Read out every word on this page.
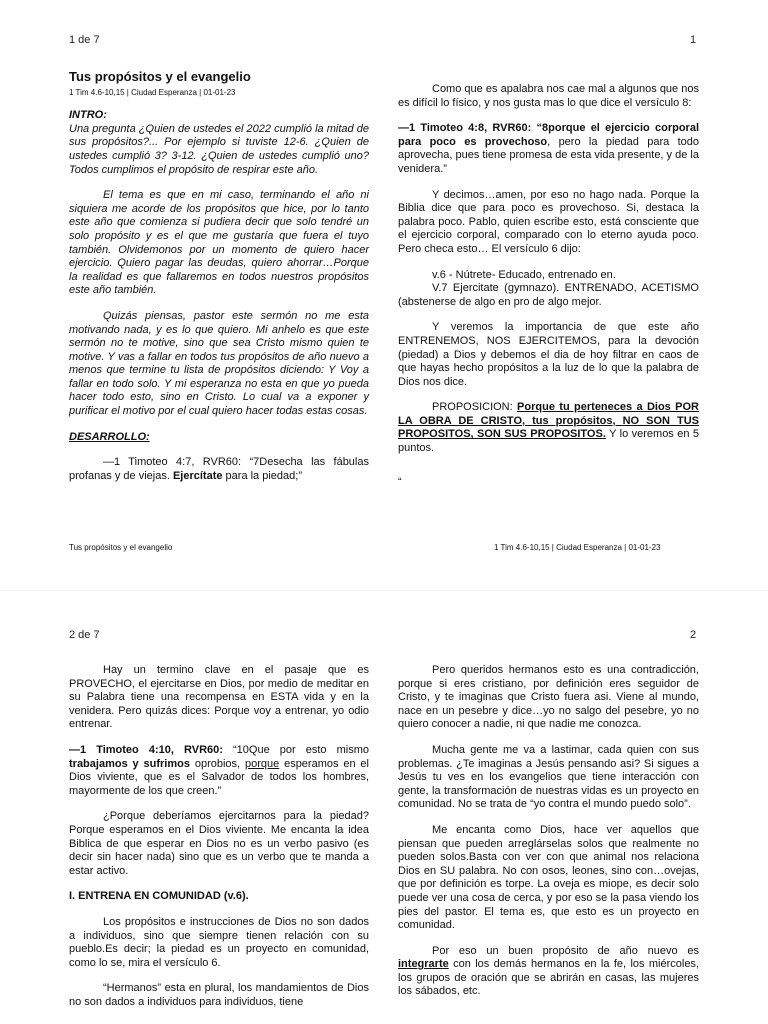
1 de 7	1
Tus propósitos y el evangelio
1 Tim 4.6-10,15 | Ciudad Esperanza | 01-01-23

INTRO:

Una pregunta ¿Quien de ustedes el 2022 cumplió la mitad de sus propósitos?... Por ejemplo si tuviste 12-6. ¿Quien de ustedes cumplió 3? 3-12. ¿Quien de ustedes cumplió uno? Todos cumplimos el propósito de respirar este año.

El tema es que en mi caso, terminando el año ni siquiera me acorde de los propósitos que hice, por lo tanto este año que comienza si pudiera decir que solo tendré un solo propósito y es el que me gustaría que fuera el tuyo también. Olvidemonos por un momento de quiero hacer ejercicio. Quiero pagar las deudas, quiero ahorrar…Porque la realidad es que fallaremos en todos nuestros propósitos este año también.

Quizás piensas, pastor este sermón no me esta motivando nada, y es lo que quiero. Mi anhelo es que este sermón no te motive, sino que sea Cristo mismo quien te motive. Y vas a fallar en todos tus propósitos de año nuevo a menos que termine tu lista de propósitos diciendo: Y Voy a fallar en todo solo. Y mi esperanza no esta en que yo pueda hacer todo esto, sino en Cristo. Lo cual va a exponer y purificar el motivo por el cual quiero hacer todas estas cosas.

DESARROLLO:

—1 Timoteo 4:7, RVR60: “7Desecha las fábulas profanas y de viejas. Ejercítate para la piedad;”

Como que es apalabra nos cae mal a algunos que nos es difícil lo físico, y nos gusta mas lo que dice el versículo 8:

—1 Timoteo 4:8, RVR60: “8porque el ejercicio corporal para poco es provechoso, pero la piedad para todo aprovecha, pues tiene promesa de esta vida presente, y de la venidera.”

Y decimos…amen, por eso no hago nada. Porque la Biblia dice que para poco es provechoso. Si, destaca la palabra poco. Pablo, quien escribe esto, está consciente que el ejercicio corporal, comparado con lo eterno ayuda poco. Pero checa esto… El versículo 6 dijo:

v.6 - Nútrete- Educado, entrenado en.

V.7 Ejercitate (gymnazo). ENTRENADO, ACETISMO (abstenerse de algo en pro de algo mejor.

Y veremos la importancia de que este año ENTRENEMOS, NOS EJERCITEMOS, para la devoción (piedad) a Dios y debemos el dia de hoy filtrar en caos de que hayas hecho propósitos a la luz de lo que la palabra de Dios nos dice.

PROPOSICION: Porque tu perteneces a Dios POR LA OBRA DE CRISTO, tus propósitos, NO SON TUS PROPOSITOS, SON SUS PROPOSITOS. Y lo veremos en 5 puntos.

“

Tus propósitos y el evangelio	1 Tim 4.6-10,15 | Ciudad Esperanza | 01-01-23
2 de 7	2

Hay un termino clave en el pasaje que es PROVECHO, el ejercitarse en Dios, por medio de meditar en su Palabra tiene una recompensa en ESTA vida y en la venidera. Pero quizás dices: Porque voy a entrenar, yo odio entrenar.

—1 Timoteo 4:10, RVR60: “10Que por esto mismo trabajamos y sufrimos oprobios, porque esperamos en el Dios viviente, que es el Salvador de todos los hombres, mayormente de los que creen.”

¿Porque deberíamos ejercitarnos para la piedad? Porque esperamos en el Dios viviente. Me encanta la idea Biblica de que esperar en Dios no es un verbo pasivo (es decir sin hacer nada) sino que es un verbo que te manda a estar activo.

I. ENTRENA EN COMUNIDAD (v.6).

Los propósitos e instrucciones de Dios no son dados a individuos, sino que siempre tienen relación con su pueblo.Es decir; la piedad es un proyecto en comunidad, como lo se, mira el versículo 6.

“Hermanos” esta en plural, los mandamientos de Dios no son dados a individuos para individuos, tiene

Pero queridos hermanos esto es una contradicción, porque si eres cristiano, por definición eres seguidor de Cristo, y te imaginas que Cristo fuera asi. Viene al mundo, nace en un pesebre y dice…yo no salgo del pesebre, yo no quiero conocer a nadie, ni que nadie me conozca.

Mucha gente me va a lastimar, cada quien con sus problemas. ¿Te imaginas a Jesús pensando asi? Si sigues a Jesús tu ves en los evangelios que tiene interacción con gente, la transformación de nuestras vidas es un proyecto en comunidad. No se trata de “yo contra el mundo puedo solo”.

Me encanta como Dios, hace ver aquellos que piensan que pueden arreglárselas solos que realmente no pueden solos.Basta con ver con que animal nos relaciona Dios en SU palabra. No con osos, leones, sino con…ovejas, que por definición es torpe. La oveja es miope, es decir solo puede ver una cosa de cerca, y por eso se la pasa viendo los pies del pastor. El tema es, que esto es un proyecto en comunidad.

Por eso un buen propósito de año nuevo es integrarte con los demás hermanos en la fe, los miércoles, los grupos de oración que se abrirán en casas, las mujeres los sábados, etc.
